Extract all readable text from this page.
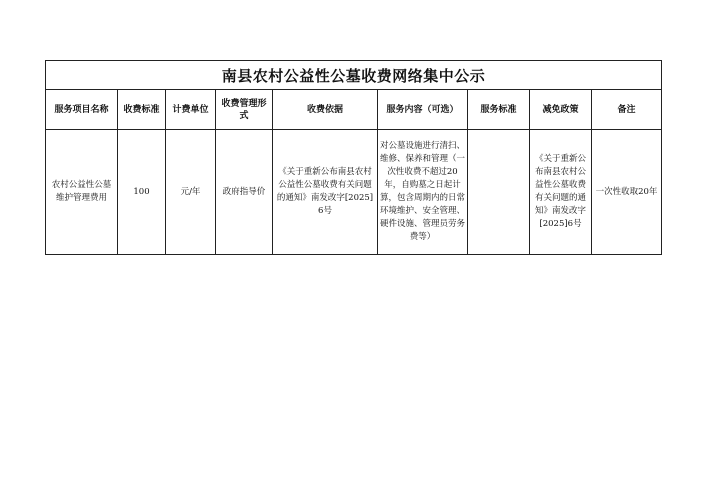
南县农村公益性公墓收费网络集中公示								
服务项目名称	收费标准	计费单位	收费管理形式	收费依据	服务内容（可选）	服务标准	减免政策	备注

农村公益性公墓维护管理费用	100	元/年	政府指导价	《关于重新公布南县农村公益性公墓收费有关问题的通知》南发改字[2025]6号	对公墓设施进行清扫、维修、保养和管理（一次性收费不超过20年，自购墓之日起计算，包含周期内的日常环境维护、安全管理、硬件设施、管理员劳务费等）		《关于重新公布南县农村公益性公墓收费有关问题的通知》南发改字[2025]6号	一次性收取20年
